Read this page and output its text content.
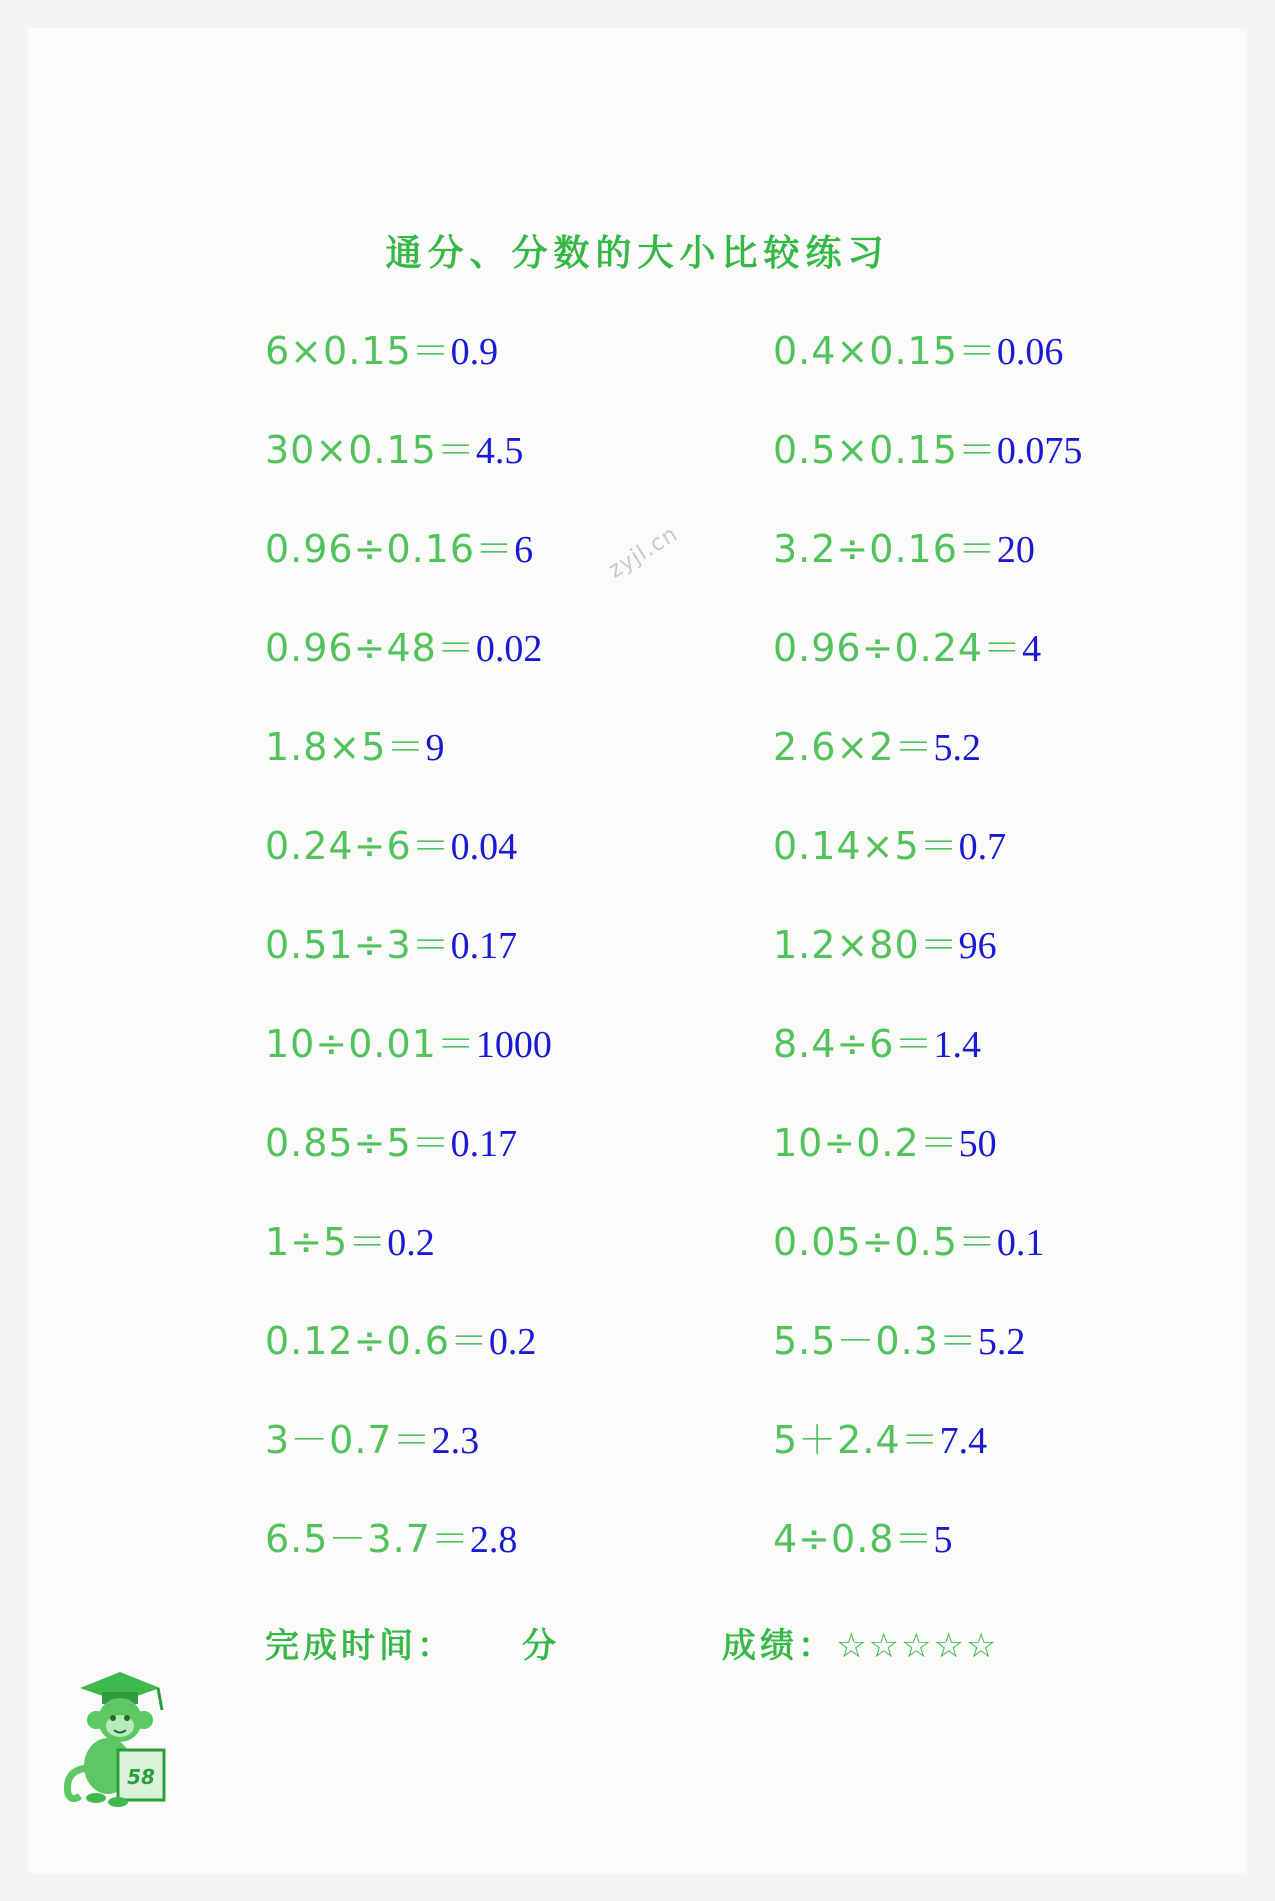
通分、分数的大小比较练习
zyjl.cn
6×0.15＝ 0.9	0.4×0.15＝ 0.06
30×0.15＝ 4.5	0.5×0.15＝ 0.075
0.96÷0.16＝ 6	3.2÷0.16＝ 20
0.96÷48＝ 0.02	0.96÷0.24＝ 4
1.8×5＝ 9	2.6×2＝ 5.2
0.24÷6＝ 0.04	0.14×5＝ 0.7
0.51÷3＝ 0.17	1.2×80＝ 96
10÷0.01＝ 1000	8.4÷6＝ 1.4
0.85÷5＝ 0.17	10÷0.2＝ 50
1÷5＝ 0.2	0.05÷0.5＝ 0.1
0.12÷0.6＝ 0.2	5.5－0.3＝ 5.2
3－0.7＝ 2.3	5＋2.4＝ 7.4
6.5－3.7＝ 2.8	4÷0.8＝ 5
完成时间： 分	成绩：☆☆☆☆☆
58
